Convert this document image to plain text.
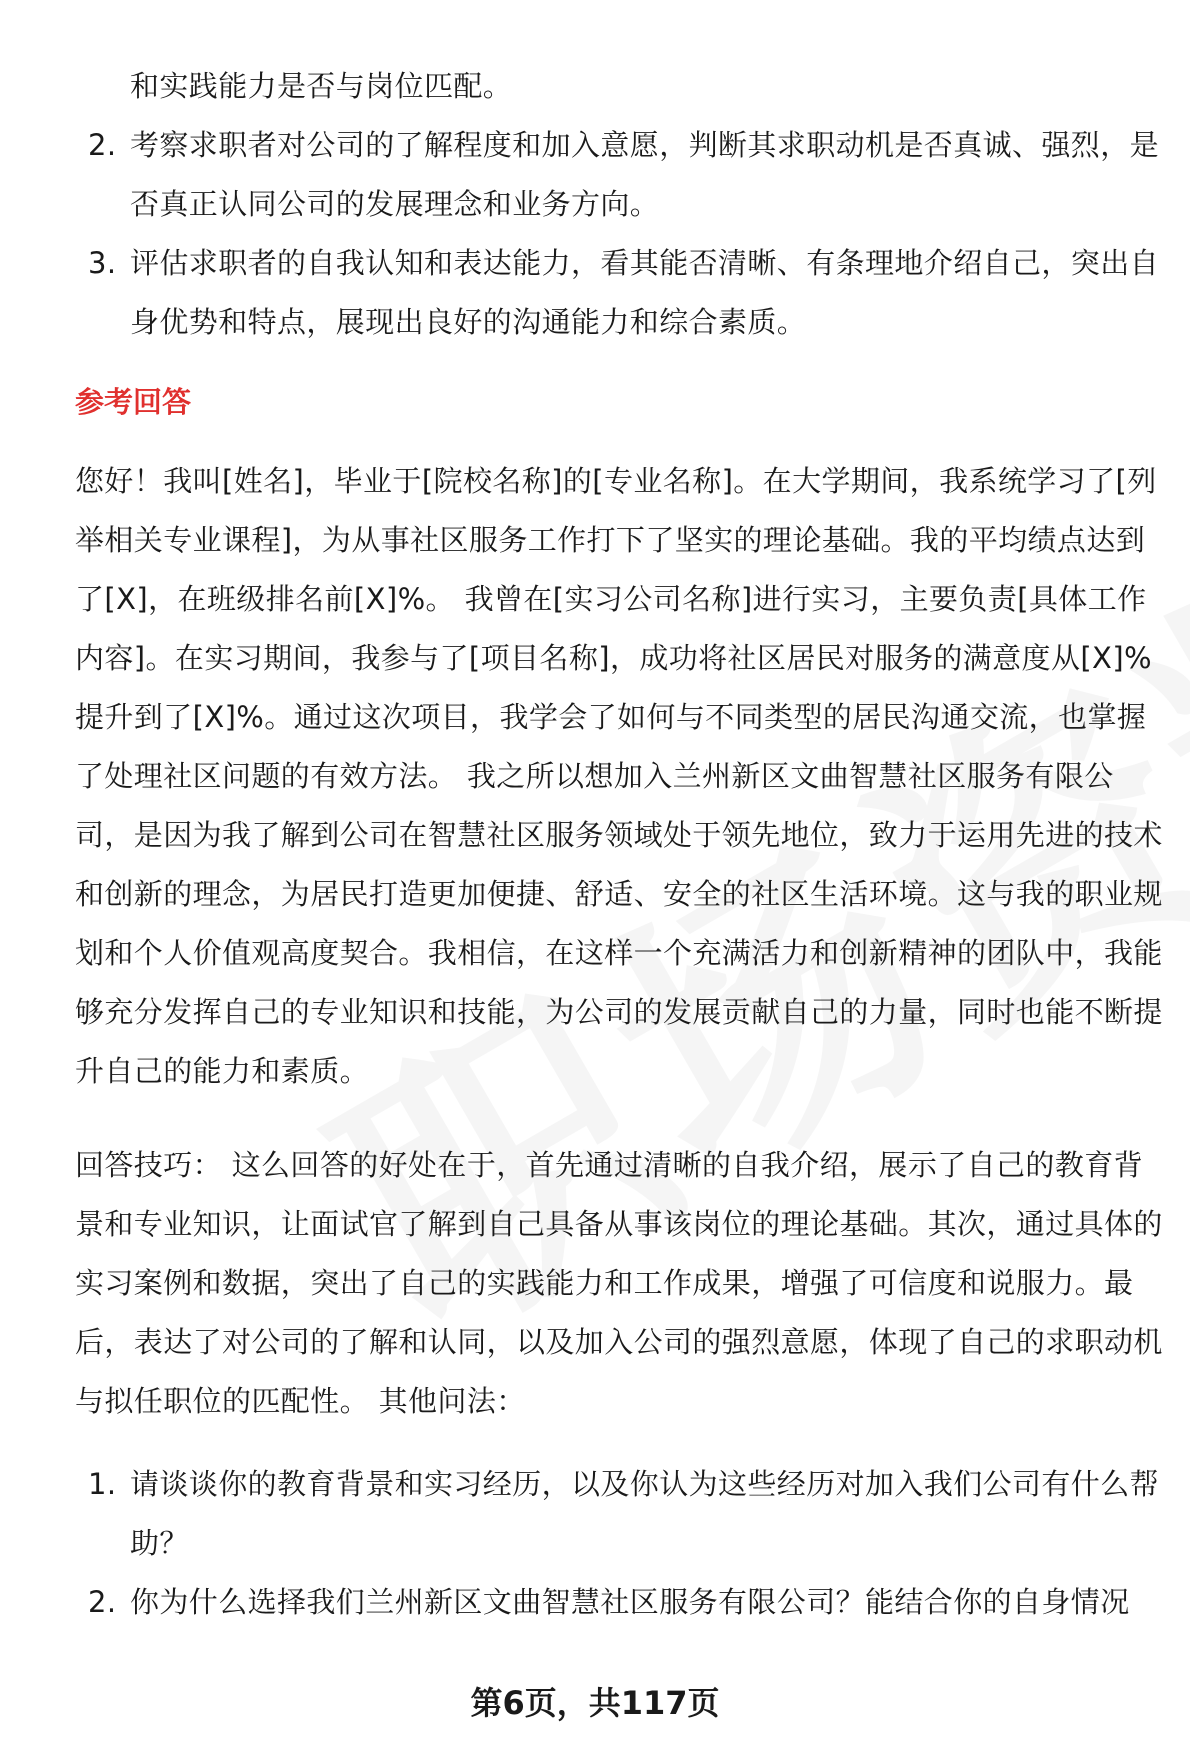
和实践能力是否与岗位匹配。

2. 考察求职者对公司的了解程度和加入意愿，判断其求职动机是否真诚、强烈，是否真正认同公司的发展理念和业务方向。
3. 评估求职者的自我认知和表达能力，看其能否清晰、有条理地介绍自己，突出自身优势和特点，展现出良好的沟通能力和综合素质。
参考回答

您好！我叫[姓名]，毕业于[院校名称]的[专业名称]。在大学期间，我系统学习了[列举相关专业课程]，为从事社区服务工作打下了坚实的理论基础。我的平均绩点达到了[X]，在班级排名前[X]%。 我曾在[实习公司名称]进行实习，主要负责[具体工作内容]。在实习期间，我参与了[项目名称]，成功将社区居民对服务的满意度从[X]%提升到了[X]%。通过这次项目，我学会了如何与不同类型的居民沟通交流，也掌握了处理社区问题的有效方法。 我之所以想加入兰州新区文曲智慧社区服务有限公司，是因为我了解到公司在智慧社区服务领域处于领先地位，致力于运用先进的技术和创新的理念，为居民打造更加便捷、舒适、安全的社区生活环境。这与我的职业规划和个人价值观高度契合。我相信，在这样一个充满活力和创新精神的团队中，我能够充分发挥自己的专业知识和技能，为公司的发展贡献自己的力量，同时也能不断提升自己的能力和素质。

回答技巧： 这么回答的好处在于，首先通过清晰的自我介绍，展示了自己的教育背景和专业知识，让面试官了解到自己具备从事该岗位的理论基础。其次，通过具体的实习案例和数据，突出了自己的实践能力和工作成果，增强了可信度和说服力。最后，表达了对公司的了解和认同，以及加入公司的强烈意愿，体现了自己的求职动机与拟任职位的匹配性。 其他问法：

1. 请谈谈你的教育背景和实习经历，以及你认为这些经历对加入我们公司有什么帮助？
2. 你为什么选择我们兰州新区文曲智慧社区服务有限公司？能结合你的自身情况
第6页，共117页
